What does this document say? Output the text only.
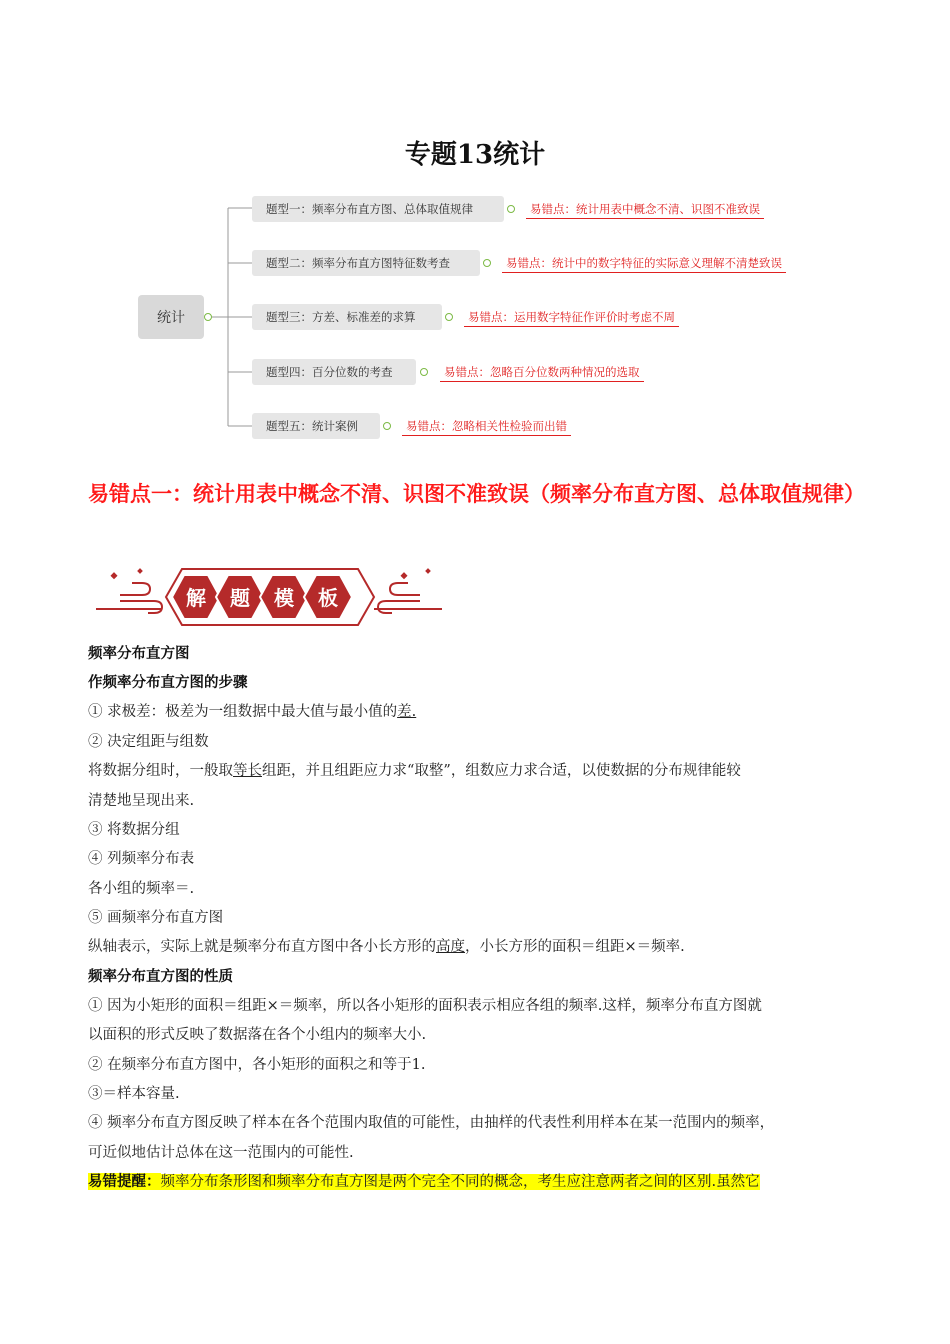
专题13统计
统计
题型一：频率分布直方图、总体取值规律	易错点：统计用表中概念不清、识图不准致误
题型二：频率分布直方图特征数考查	易错点：统计中的数字特征的实际意义理解不清楚致误
题型三：方差、标准差的求算	易错点：运用数字特征作评价时考虑不周
题型四：百分位数的考查	易错点：忽略百分位数两种情况的选取
题型五：统计案例	易错点：忽略相关性检验而出错
易错点一：统计用表中概念不清、识图不准致误（频率分布直方图、总体取值规律）
解 题 模 板
频率分布直方图
作频率分布直方图的步骤
① 求极差：极差为一组数据中最大值与最小值的差.
② 决定组距与组数
将数据分组时，一般取等长组距，并且组距应力求“取整”，组数应力求合适，以使数据的分布规律能较
清楚地呈现出来.
③ 将数据分组
④ 列频率分布表
各小组的频率＝.
⑤ 画频率分布直方图
纵轴表示，实际上就是频率分布直方图中各小长方形的高度，小长方形的面积＝组距×＝频率.
频率分布直方图的性质
① 因为小矩形的面积＝组距×＝频率，所以各小矩形的面积表示相应各组的频率.这样，频率分布直方图就
以面积的形式反映了数据落在各个小组内的频率大小.
② 在频率分布直方图中，各小矩形的面积之和等于1.
③＝样本容量.
④ 频率分布直方图反映了样本在各个范围内取值的可能性，由抽样的代表性利用样本在某一范围内的频率，
可近似地估计总体在这一范围内的可能性.
易错提醒：频率分布条形图和频率分布直方图是两个完全不同的概念，考生应注意两者之间的区别.虽然它
